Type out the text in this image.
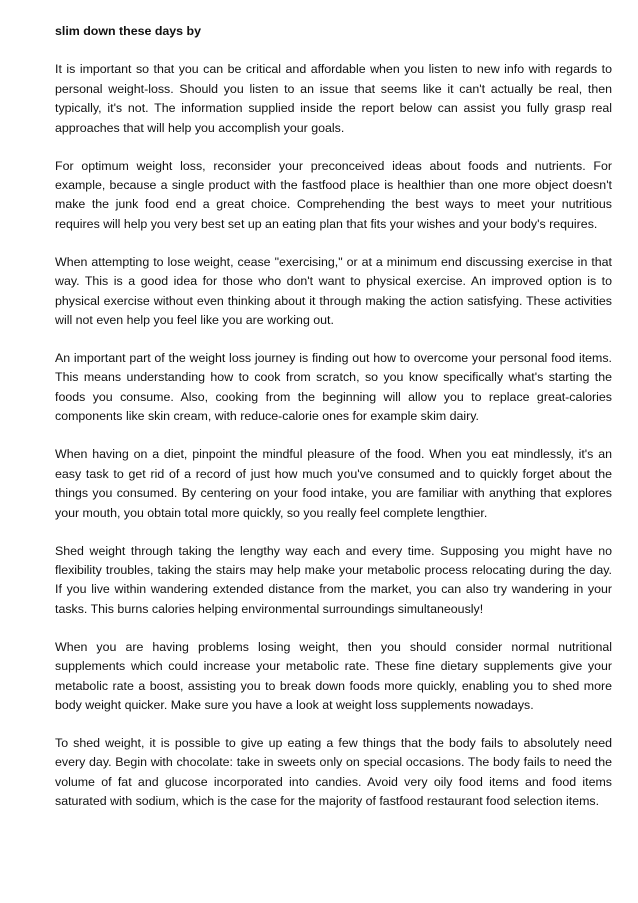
slim down these days by

It is important so that you can be critical and affordable when you listen to new info with regards to personal weight-loss. Should you listen to an issue that seems like it can't actually be real, then typically, it's not. The information supplied inside the report below can assist you fully grasp real approaches that will help you accomplish your goals.

For optimum weight loss, reconsider your preconceived ideas about foods and nutrients. For example, because a single product with the fastfood place is healthier than one more object doesn't make the junk food end a great choice. Comprehending the best ways to meet your nutritious requires will help you very best set up an eating plan that fits your wishes and your body's requires.

When attempting to lose weight, cease "exercising," or at a minimum end discussing exercise in that way. This is a good idea for those who don't want to physical exercise. An improved option is to physical exercise without even thinking about it through making the action satisfying. These activities will not even help you feel like you are working out.

An important part of the weight loss journey is finding out how to overcome your personal food items. This means understanding how to cook from scratch, so you know specifically what's starting the foods you consume. Also, cooking from the beginning will allow you to replace great-calories components like skin cream, with reduce-calorie ones for example skim dairy.

When having on a diet, pinpoint the mindful pleasure of the food. When you eat mindlessly, it's an easy task to get rid of a record of just how much you've consumed and to quickly forget about the things you consumed. By centering on your food intake, you are familiar with anything that explores your mouth, you obtain total more quickly, so you really feel complete lengthier.

Shed weight through taking the lengthy way each and every time. Supposing you might have no flexibility troubles, taking the stairs may help make your metabolic process relocating during the day. If you live within wandering extended distance from the market, you can also try wandering in your tasks. This burns calories helping environmental surroundings simultaneously!

When you are having problems losing weight, then you should consider normal nutritional supplements which could increase your metabolic rate. These fine dietary supplements give your metabolic rate a boost, assisting you to break down foods more quickly, enabling you to shed more body weight quicker. Make sure you have a look at weight loss supplements nowadays.

To shed weight, it is possible to give up eating a few things that the body fails to absolutely need every day. Begin with chocolate: take in sweets only on special occasions. The body fails to need the volume of fat and glucose incorporated into candies. Avoid very oily food items and food items saturated with sodium, which is the case for the majority of fastfood restaurant food selection items.
